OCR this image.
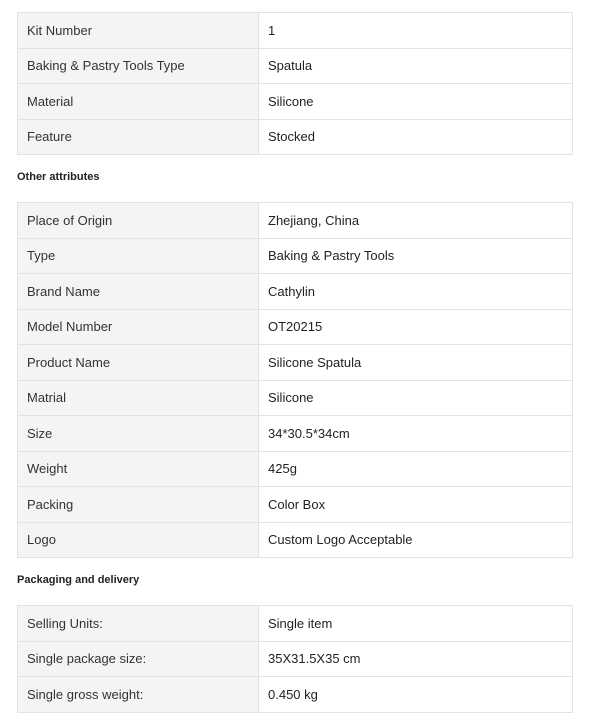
Kit Number	1
Baking & Pastry Tools Type	Spatula
Material	Silicone
Feature	Stocked
Other attributes
Place of Origin	Zhejiang, China
Type	Baking & Pastry Tools
Brand Name	Cathylin
Model Number	OT20215
Product Name	Silicone Spatula
Matrial	Silicone
Size	34*30.5*34cm
Weight	425g
Packing	Color Box
Logo	Custom Logo Acceptable
Packaging and delivery
Selling Units:	Single item
Single package size:	35X31.5X35 cm
Single gross weight:	0.450 kg
